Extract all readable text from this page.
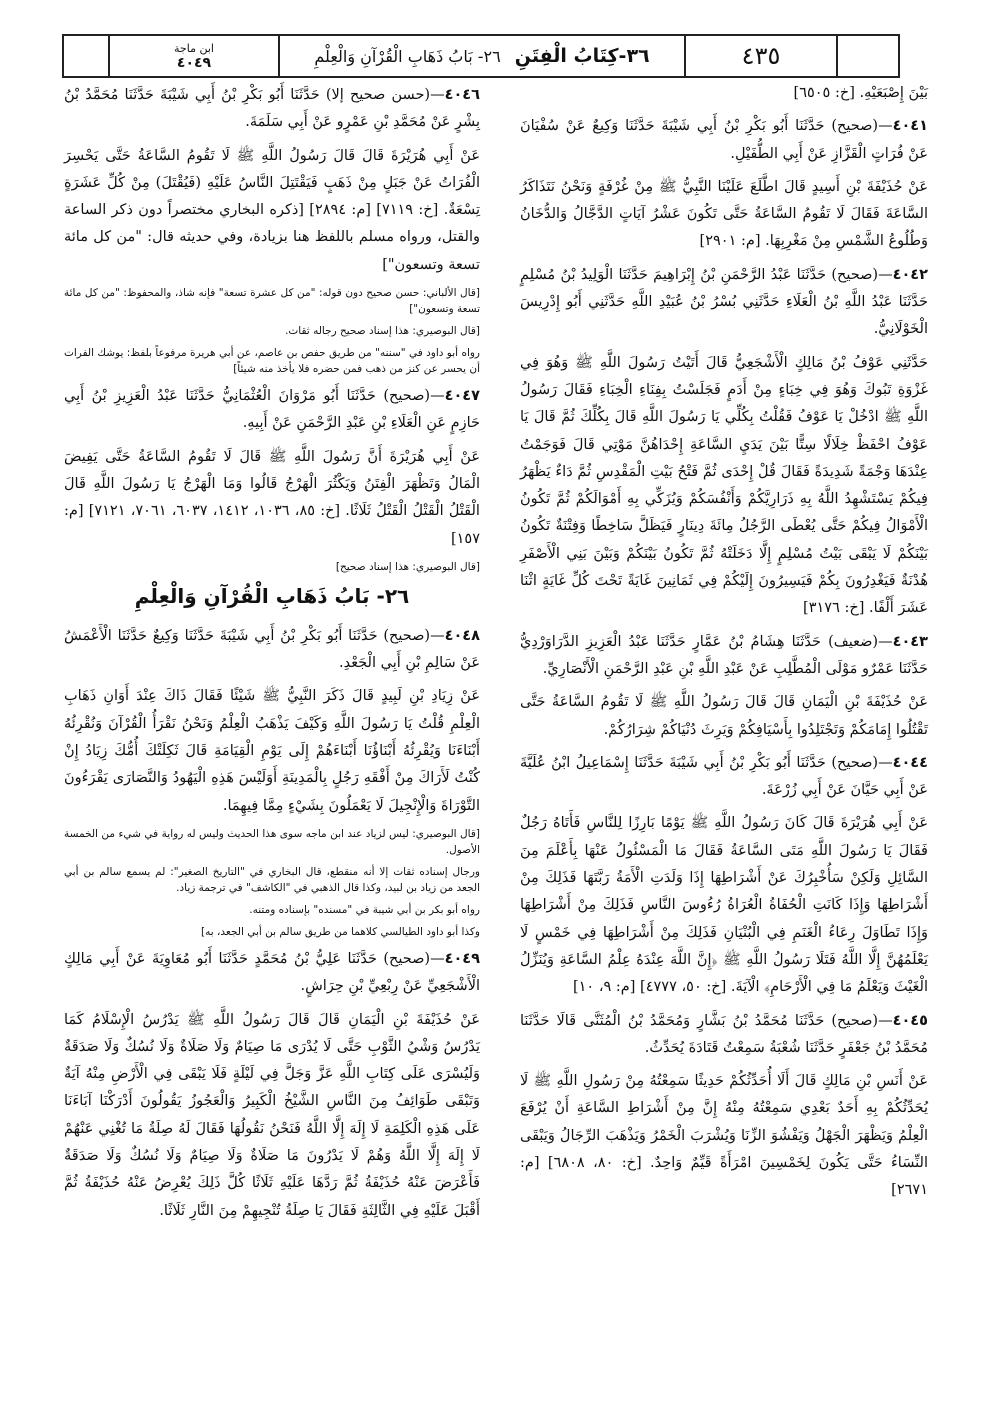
٤٣٥
٣٦-كِتَابُ الْفِتَنِ
٢٦- بَابُ ذَهَابِ الْقُرْآنِ وَالْعِلْمِ
ابن ماجة
٤٠٤٩

بَيْنَ إِصْبَعَيْهِ. [خ: ٦٥٠٥]

٤٠٤١—(صحيح) حَدَّثَنَا أَبُو بَكْرِ بْنُ أَبِي شَيْبَةَ حَدَّثَنَا وَكِيعٌ عَنْ سُفْيَانَ عَنْ فُرَاتٍ الْقَزَّازِ عَنْ أَبِي الطُّفَيْلِ.

عَنْ حُذَيْفَةَ بْنِ أَسِيدٍ قَالَ اطَّلَعَ عَلَيْنَا النَّبِيُّ ﷺ مِنْ غُرْفَةٍ وَنَحْنُ نَتَذَاكَرُ السَّاعَةَ فَقَالَ لَا تَقُومُ السَّاعَةُ حَتَّى تَكُونَ عَشْرُ آيَاتٍ الدَّجَّالُ وَالدُّخَانُ وَطُلُوعُ الشَّمْسِ مِنْ مَغْرِبِهَا. [م: ٢٩٠١]

٤٠٤٢—(صحيح) حَدَّثَنَا عَبْدُ الرَّحْمَنِ بْنُ إِبْرَاهِيمَ حَدَّثَنَا الْوَلِيدُ بْنُ مُسْلِمٍ حَدَّثَنَا عَبْدُ اللَّهِ بْنُ الْعَلَاءِ حَدَّثَنِي بُسْرُ بْنُ عُبَيْدِ اللَّهِ حَدَّثَنِي أَبُو إِدْرِيسَ الْخَوْلَانِيُّ.

حَدَّثَنِي عَوْفُ بْنُ مَالِكٍ الْأَشْجَعِيُّ قَالَ أَتَيْتُ رَسُولَ اللَّهِ ﷺ وَهُوَ فِي غَزْوَةِ تَبُوكَ وَهُوَ فِي خِبَاءٍ مِنْ أَدَمٍ فَجَلَسْتُ بِفِنَاءِ الْخِبَاءِ فَقَالَ رَسُولُ اللَّهِ ﷺ ادْخُلْ يَا عَوْفُ فَقُلْتُ بِكُلِّي يَا رَسُولَ اللَّهِ قَالَ بِكُلِّكَ ثُمَّ قَالَ يَا عَوْفُ احْفَظْ خِلَالًا سِتًّا بَيْنَ يَدَيِ السَّاعَةِ إِحْدَاهُنَّ مَوْتِي قَالَ فَوَجَمْتُ عِنْدَهَا وَجْمَةً شَدِيدَةً فَقَالَ قُلْ إِحْدَى ثُمَّ فَتْحُ بَيْتِ الْمَقْدِسِ ثُمَّ دَاءٌ يَظْهَرُ فِيكُمْ يَسْتَشْهِدُ اللَّهُ بِهِ ذَرَارِيَّكُمْ وَأَنْفُسَكُمْ وَيُزَكِّي بِهِ أَمْوَالَكُمْ ثُمَّ تَكُونُ الْأَمْوَالُ فِيكُمْ حَتَّى يُعْطَى الرَّجُلُ مِائَةَ دِينَارٍ فَيَظَلَّ سَاخِطًا وَفِتْنَةٌ تَكُونُ بَيْنَكُمْ لَا يَبْقَى بَيْتُ مُسْلِمٍ إِلَّا دَخَلَتْهُ ثُمَّ تَكُونُ بَيْنَكُمْ وَبَيْنَ بَنِي الْأَصْفَرِ هُدْنَةٌ فَيَغْدِرُونَ بِكُمْ فَيَسِيرُونَ إِلَيْكُمْ فِي ثَمَانِينَ غَايَةً تَحْتَ كُلِّ غَايَةٍ اثْنَا عَشَرَ أَلْفًا. [خ: ٣١٧٦]

٤٠٤٣—(ضعيف) حَدَّثَنَا هِشَامُ بْنُ عَمَّارٍ حَدَّثَنَا عَبْدُ الْعَزِيزِ الدَّرَاوَرْدِيُّ حَدَّثَنَا عَمْرٌو مَوْلَى الْمُطَّلِبِ عَنْ عَبْدِ اللَّهِ بْنِ عَبْدِ الرَّحْمَنِ الْأَنْصَارِيِّ.

عَنْ حُذَيْفَةَ بْنِ الْيَمَانِ قَالَ قَالَ رَسُولُ اللَّهِ ﷺ لَا تَقُومُ السَّاعَةُ حَتَّى تَقْتُلُوا إِمَامَكُمْ وَتَجْتَلِدُوا بِأَسْيَافِكُمْ وَيَرِثَ دُنْيَاكُمْ شِرَارُكُمْ.

٤٠٤٤—(صحيح) حَدَّثَنَا أَبُو بَكْرِ بْنُ أَبِي شَيْبَةَ حَدَّثَنَا إِسْمَاعِيلُ ابْنُ عُلَيَّةَ عَنْ أَبِي حَيَّانَ عَنْ أَبِي زُرْعَةَ.

عَنْ أَبِي هُرَيْرَةَ قَالَ كَانَ رَسُولُ اللَّهِ ﷺ يَوْمًا بَارِزًا لِلنَّاسِ فَأَتَاهُ رَجُلٌ فَقَالَ يَا رَسُولَ اللَّهِ مَتَى السَّاعَةُ فَقَالَ مَا الْمَسْئُولُ عَنْهَا بِأَعْلَمَ مِنَ السَّائِلِ وَلَكِنْ سَأُخْبِرُكَ عَنْ أَشْرَاطِهَا إِذَا وَلَدَتِ الْأَمَةُ رَبَّتَهَا فَذَلِكَ مِنْ أَشْرَاطِهَا وَإِذَا كَانَتِ الْحُفَاةُ الْعُرَاةُ رُءُوسَ النَّاسِ فَذَلِكَ مِنْ أَشْرَاطِهَا وَإِذَا تَطَاوَلَ رِعَاءُ الْغَنَمِ فِي الْبُنْيَانِ فَذَلِكَ مِنْ أَشْرَاطِهَا فِي خَمْسٍ لَا يَعْلَمُهُنَّ إِلَّا اللَّهُ فَتَلَا رَسُولُ اللَّهِ ﷺ ﴿إِنَّ اللَّهَ عِنْدَهُ عِلْمُ السَّاعَةِ وَيُنَزِّلُ الْغَيْثَ وَيَعْلَمُ مَا فِي الْأَرْحَامِ﴾ الْآيَةَ. [خ: ٥٠، ٤٧٧٧] [م: ٩، ١٠]

٤٠٤٥—(صحيح) حَدَّثَنَا مُحَمَّدُ بْنُ بَشَّارٍ وَمُحَمَّدُ بْنُ الْمُثَنَّى قَالَا حَدَّثَنَا مُحَمَّدُ بْنُ جَعْفَرٍ حَدَّثَنَا شُعْبَةُ سَمِعْتُ قَتَادَةَ يُحَدِّثُ.

عَنْ أَنَسِ بْنِ مَالِكٍ قَالَ أَلَا أُحَدِّثُكُمْ حَدِيثًا سَمِعْتُهُ مِنْ رَسُولِ اللَّهِ ﷺ لَا يُحَدِّثُكُمْ بِهِ أَحَدٌ بَعْدِي سَمِعْتُهُ مِنْهُ إِنَّ مِنْ أَشْرَاطِ السَّاعَةِ أَنْ يُرْفَعَ الْعِلْمُ وَيَظْهَرَ الْجَهْلُ وَيَفْشُوَ الزِّنَا وَيُشْرَبَ الْخَمْرُ وَيَذْهَبَ الرِّجَالُ وَيَبْقَى النِّسَاءُ حَتَّى يَكُونَ لِخَمْسِينَ امْرَأَةً قَيِّمٌ وَاحِدٌ. [خ: ٨٠، ٦٨٠٨] [م: ٢٦٧١]

٤٠٤٦—(حسن صحيح إلا) حَدَّثَنَا أَبُو بَكْرِ بْنُ أَبِي شَيْبَةَ حَدَّثَنَا مُحَمَّدُ بْنُ بِشْرٍ عَنْ مُحَمَّدِ بْنِ عَمْرٍو عَنْ أَبِي سَلَمَةَ.

عَنْ أَبِي هُرَيْرَةَ قَالَ قَالَ رَسُولُ اللَّهِ ﷺ لَا تَقُومُ السَّاعَةُ حَتَّى يَحْسِرَ الْفُرَاتُ عَنْ جَبَلٍ مِنْ ذَهَبٍ فَيَقْتَتِلَ النَّاسُ عَلَيْهِ (فَيُقْتَلَ) مِنْ كُلِّ عَشَرَةٍ تِسْعَةٌ. [خ: ٧١١٩] [م: ٢٨٩٤] [ذكره البخاري مختصراً دون ذكر الساعة والقتل، ورواه مسلم باللفظ هنا بزيادة، وفي حديثه قال: "من كل مائة تسعة وتسعون"]

[قال الألباني: حسن صحيح دون قوله: "من كل عشرة تسعة" فإنه شاذ، والمحفوظ: "من كل مائة تسعة وتسعون"]

[قال البوصيري: هذا إسناد صحيح رجاله ثقات.

رواه أبو داود في "سننه" من طريق حفص بن عاصم، عن أبي هريرة مرفوعاً بلفظ: يوشك الفرات أن يحسر عن كنز من ذهب فمن حضره فلا يأخذ منه شيئاً]

٤٠٤٧—(صحيح) حَدَّثَنَا أَبُو مَرْوَانَ الْعُثْمَانِيُّ حَدَّثَنَا عَبْدُ الْعَزِيزِ بْنُ أَبِي حَازِمٍ عَنِ الْعَلَاءِ بْنِ عَبْدِ الرَّحْمَنِ عَنْ أَبِيهِ.

عَنْ أَبِي هُرَيْرَةَ أَنَّ رَسُولَ اللَّهِ ﷺ قَالَ لَا تَقُومُ السَّاعَةُ حَتَّى يَفِيضَ الْمَالُ وَتَظْهَرَ الْفِتَنُ وَيَكْثُرَ الْهَرْجُ قَالُوا وَمَا الْهَرْجُ يَا رَسُولَ اللَّهِ قَالَ الْقَتْلُ الْقَتْلُ الْقَتْلُ ثَلَاثًا. [خ: ٨٥، ١٠٣٦، ١٤١٢، ٦٠٣٧، ٧٠٦١، ٧١٢١] [م: ١٥٧]

[قال البوصيري: هذا إسناد صحيح]

٢٦- بَابُ ذَهَابِ الْقُرْآنِ وَالْعِلْمِ

٤٠٤٨—(صحيح) حَدَّثَنَا أَبُو بَكْرِ بْنُ أَبِي شَيْبَةَ حَدَّثَنَا وَكِيعٌ حَدَّثَنَا الْأَعْمَشُ عَنْ سَالِمِ بْنِ أَبِي الْجَعْدِ.

عَنْ زِيَادِ بْنِ لَبِيدٍ قَالَ ذَكَرَ النَّبِيُّ ﷺ شَيْئًا فَقَالَ ذَاكَ عِنْدَ أَوَانِ ذَهَابِ الْعِلْمِ قُلْتُ يَا رَسُولَ اللَّهِ وَكَيْفَ يَذْهَبُ الْعِلْمُ وَنَحْنُ نَقْرَأُ الْقُرْآنَ وَنُقْرِئُهُ أَبْنَاءَنَا وَيُقْرِئُهُ أَبْنَاؤُنَا أَبْنَاءَهُمْ إِلَى يَوْمِ الْقِيَامَةِ قَالَ ثَكِلَتْكَ أُمُّكَ زِيَادُ إِنْ كُنْتُ لَأَرَاكَ مِنْ أَفْقَهِ رَجُلٍ بِالْمَدِينَةِ أَوَلَيْسَ هَذِهِ الْيَهُودُ وَالنَّصَارَى يَقْرَءُونَ التَّوْرَاةَ وَالْإِنْجِيلَ لَا يَعْمَلُونَ بِشَيْءٍ مِمَّا فِيهِمَا.

[قال البوصيري: ليس لزياد عند ابن ماجه سوى هذا الحديث وليس له رواية في شيء من الخمسة الأصول.

ورجال إسناده ثقات إلا أنه منقطع، قال البخاري في "التاريخ الصغير": لم يسمع سالم بن أبي الجعد من زياد بن لبيد، وكذا قال الذهبي في "الكاشف" في ترجمة زياد.

رواه أبو بكر بن أبي شيبة في "مسنده" بإسناده ومتنه.

وكذا أبو داود الطيالسي كلاهما من طريق سالم بن أبي الجعد، به]

٤٠٤٩—(صحيح) حَدَّثَنَا عَلِيُّ بْنُ مُحَمَّدٍ حَدَّثَنَا أَبُو مُعَاوِيَةَ عَنْ أَبِي مَالِكٍ الْأَشْجَعِيِّ عَنْ رِبْعِيِّ بْنِ حِرَاشٍ.

عَنْ حُذَيْفَةَ بْنِ الْيَمَانِ قَالَ قَالَ رَسُولُ اللَّهِ ﷺ يَدْرُسُ الْإِسْلَامُ كَمَا يَدْرُسُ وَشْيُ الثَّوْبِ حَتَّى لَا يُدْرَى مَا صِيَامٌ وَلَا صَلَاةٌ وَلَا نُسُكٌ وَلَا صَدَقَةٌ وَلَيُسْرَى عَلَى كِتَابِ اللَّهِ عَزَّ وَجَلَّ فِي لَيْلَةٍ فَلَا يَبْقَى فِي الْأَرْضِ مِنْهُ آيَةٌ وَتَبْقَى طَوَائِفُ مِنَ النَّاسِ الشَّيْخُ الْكَبِيرُ وَالْعَجُوزُ يَقُولُونَ أَدْرَكْنَا آبَاءَنَا عَلَى هَذِهِ الْكَلِمَةِ لَا إِلَهَ إِلَّا اللَّهُ فَنَحْنُ نَقُولُهَا فَقَالَ لَهُ صِلَةُ مَا تُغْنِي عَنْهُمْ لَا إِلَهَ إِلَّا اللَّهُ وَهُمْ لَا يَدْرُونَ مَا صَلَاةٌ وَلَا صِيَامٌ وَلَا نُسُكٌ وَلَا صَدَقَةٌ فَأَعْرَضَ عَنْهُ حُذَيْفَةُ ثُمَّ رَدَّهَا عَلَيْهِ ثَلَاثًا كُلَّ ذَلِكَ يُعْرِضُ عَنْهُ حُذَيْفَةُ ثُمَّ أَقْبَلَ عَلَيْهِ فِي الثَّالِثَةِ فَقَالَ يَا صِلَةُ تُنْجِيهِمْ مِنَ النَّارِ ثَلَاثًا.
